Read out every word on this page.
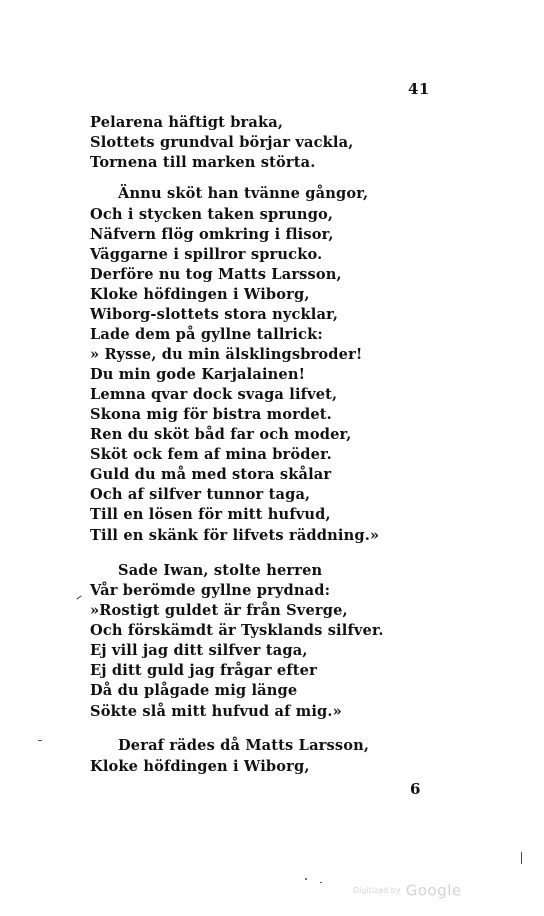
41
Pelarena häftigt braka,
Slottets grundval börjar vackla,
Tornena till marken störta.
Ännu sköt han tvänne gångor,
Och i stycken taken sprungo,
Näfvern flög omkring i flisor,
Väggarne i spillror sprucko.
Derföre nu tog Matts Larsson,
Kloke höfdingen i Wiborg,
Wiborg-slottets stora nycklar,
Lade dem på gyllne tallrick:
» Rysse, du min älsklingsbroder!
Du min gode Karjalainen!
Lemna qvar dock svaga lifvet,
Skona mig för bistra mordet.
Ren du sköt båd far och moder,
Sköt ock fem af mina bröder.
Guld du må med stora skålar
Och af silfver tunnor taga,
Till en lösen för mitt hufvud,
Till en skänk för lifvets räddning.»
Sade Iwan, stolte herren
Vår berömde gyllne prydnad:
»Rostigt guldet är från Sverge,
Och förskämdt är Tysklands silfver.
Ej vill jag ditt silfver taga,
Ej ditt guld jag frågar efter
Då du plågade mig länge
Sökte slå mitt hufvud af mig.»
Deraf rädes då Matts Larsson,
Kloke höfdingen i Wiborg,
6
Digitized by Google
